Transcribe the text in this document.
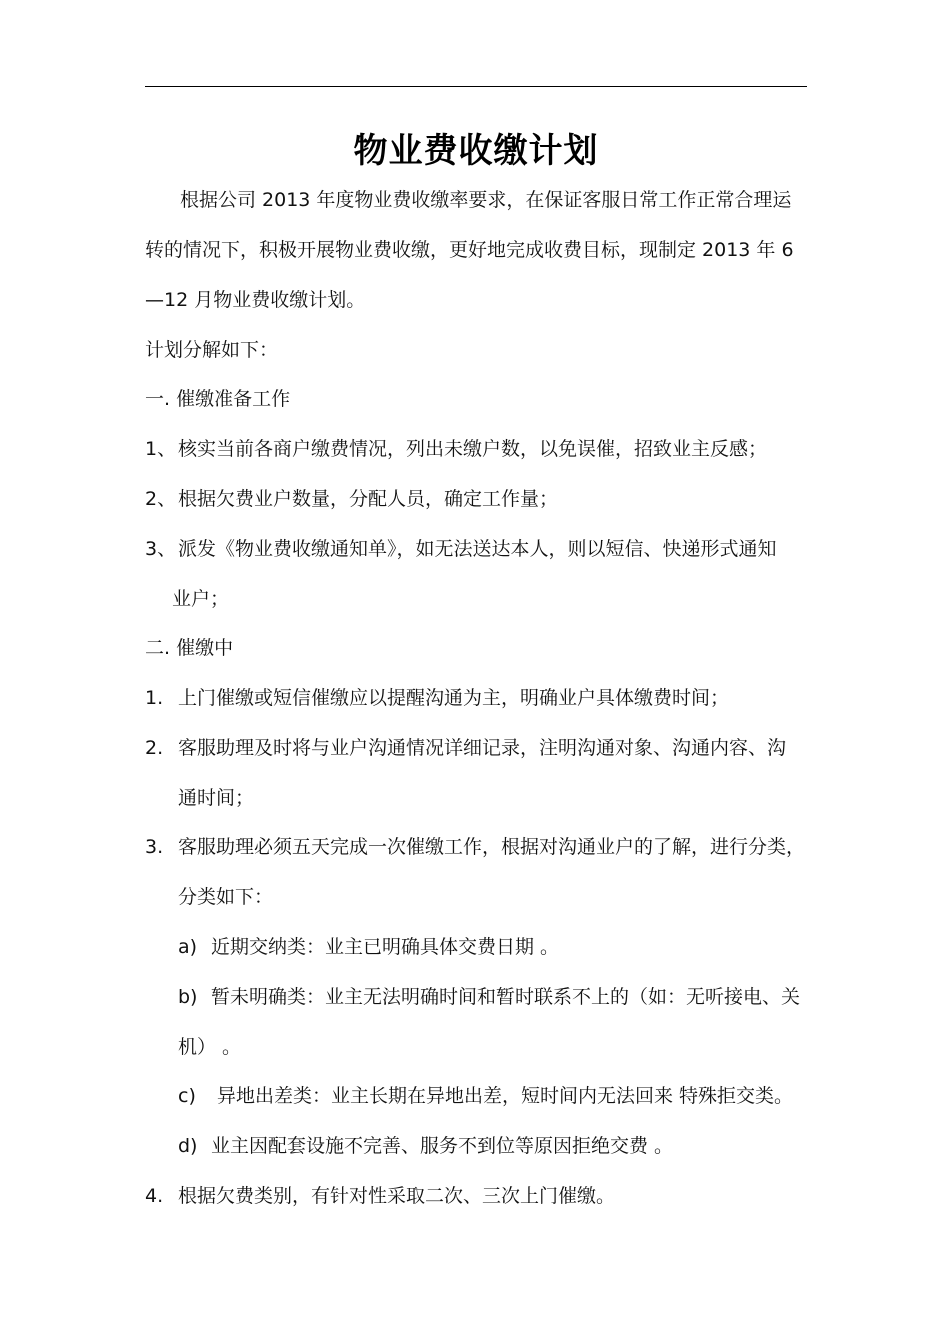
物业费收缴计划
根据公司 2013 年度物业费收缴率要求，在保证客服日常工作正常合理运
转的情况下，积极开展物业费收缴，更好地完成收费目标，现制定 2013 年 6
—12 月物业费收缴计划。
计划分解如下：
一. 催缴准备工作
1、 核实当前各商户缴费情况，列出未缴户数，以免误催，招致业主反感；
2、 根据欠费业户数量，分配人员，确定工作量；
3、 派发《物业费收缴通知单》，如无法送达本人，则以短信、快递形式通知
业户；
二. 催缴中
1. 上门催缴或短信催缴应以提醒沟通为主，明确业户具体缴费时间；
2. 客服助理及时将与业户沟通情况详细记录，注明沟通对象、沟通内容、沟
通时间；
3. 客服助理必须五天完成一次催缴工作，根据对沟通业户的了解，进行分类，
分类如下：
a) 近期交纳类：业主已明确具体交费日期 。
b) 暂未明确类：业主无法明确时间和暂时联系不上的（如：无听接电、关
机） 。
c) 异地出差类：业主长期在异地出差，短时间内无法回来 特殊拒交类。
d) 业主因配套设施不完善、服务不到位等原因拒绝交费 。
4. 根据欠费类别，有针对性采取二次、三次上门催缴。
